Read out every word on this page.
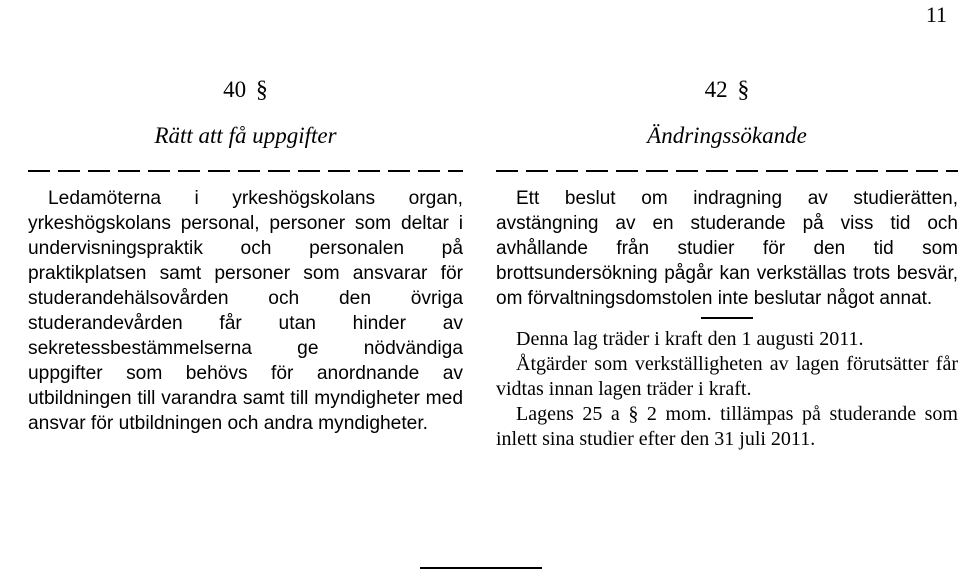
11

40 §

Rätt att få uppgifter

Ledamöterna i yrkeshögskolans organ, yrkeshögskolans personal, personer som deltar i undervisningspraktik och personalen på praktikplatsen samt personer som ansvarar för studerandehälsovården och den övriga studerandevården får utan hinder av sekretessbestämmelserna ge nödvändiga uppgifter som behövs för anordnande av utbildningen till varandra samt till myndigheter med ansvar för utbildningen och andra myndigheter.

42 §

Ändringssökande

Ett beslut om indragning av studierätten, avstängning av en studerande på viss tid och avhållande från studier för den tid som brottsundersökning pågår kan verkställas trots besvär, om förvaltningsdomstolen inte beslutar något annat.

Denna lag träder i kraft den 1 augusti 2011.

Åtgärder som verkställigheten av lagen förutsätter får vidtas innan lagen träder i kraft.

Lagens 25 a § 2 mom. tillämpas på studerande som inlett sina studier efter den 31 juli 2011.
